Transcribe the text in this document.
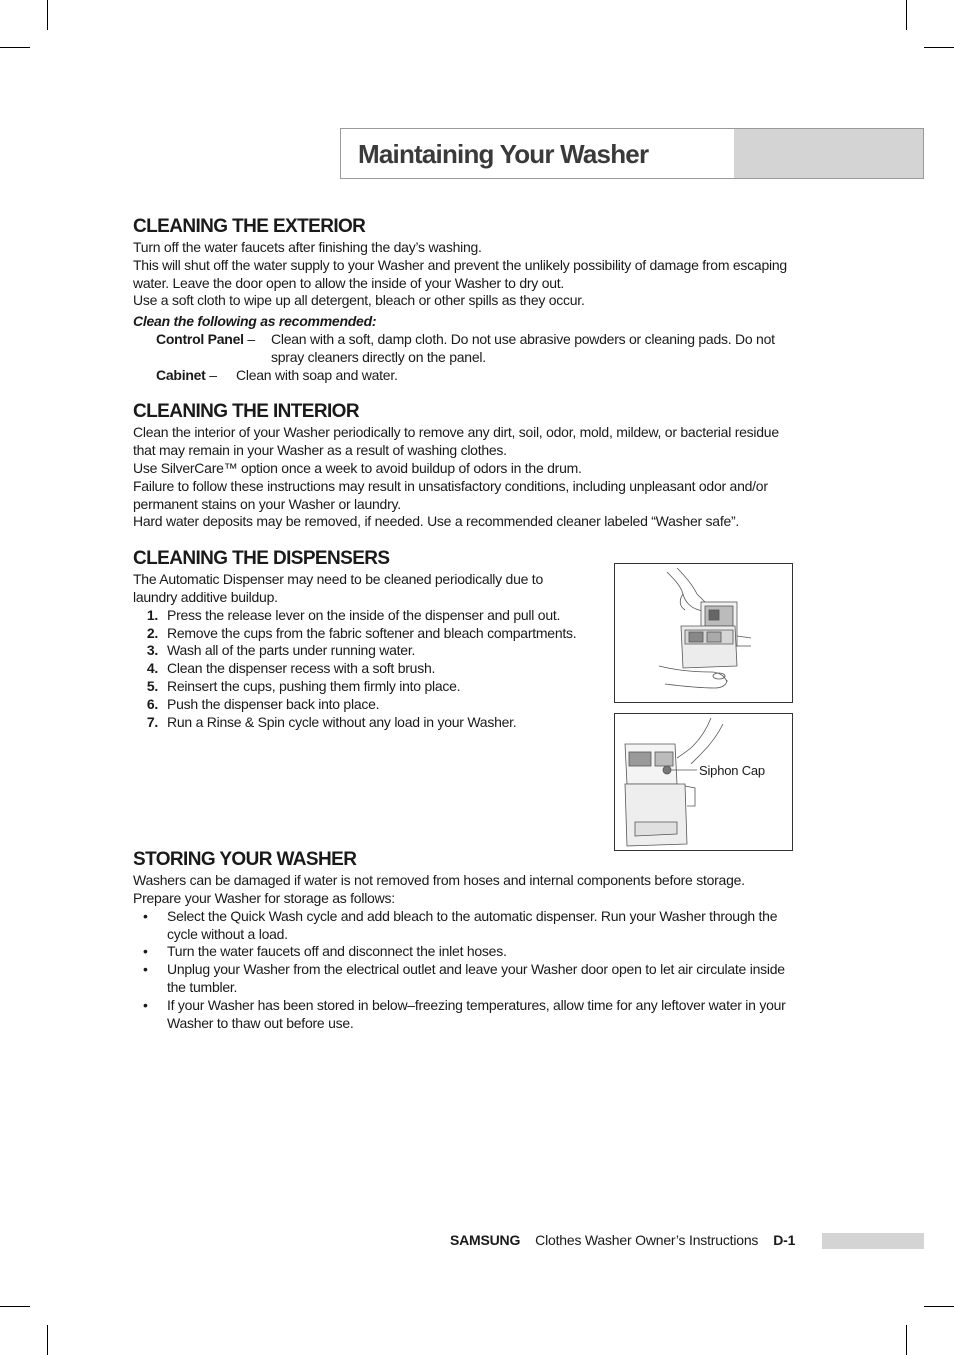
Maintaining Your Washer
CLEANING THE EXTERIOR

Turn off the water faucets after finishing the day’s washing.

This will shut off the water supply to your Washer and prevent the unlikely possibility of damage from escaping water. Leave the door open to allow the inside of your Washer to dry out.

Use a soft cloth to wipe up all detergent, bleach or other spills as they occur.

Clean the following as recommended:

Control Panel –	Clean with a soft, damp cloth. Do not use abrasive powders or cleaning pads. Do not spray cleaners directly on the panel.
Cabinet –	Clean with soap and water.
CLEANING THE INTERIOR

Clean the interior of your Washer periodically to remove any dirt, soil, odor, mold, mildew, or bacterial residue that may remain in your Washer as a result of washing clothes.

Use SilverCare™ option once a week to avoid buildup of odors in the drum.

Failure to follow these instructions may result in unsatisfactory conditions, including unpleasant odor and/or permanent stains on your Washer or laundry.

Hard water deposits may be removed, if needed. Use a recommended cleaner labeled “Washer safe”.

CLEANING THE DISPENSERS

The Automatic Dispenser may need to be cleaned periodically due to laundry additive buildup.

1. Press the release lever on the inside of the dispenser and pull out.
2. Remove the cups from the fabric softener and bleach compartments.
3. Wash all of the parts under running water.
4. Clean the dispenser recess with a soft brush.
5. Reinsert the cups, pushing them firmly into place.
6. Push the dispenser back into place.
7. Run a Rinse & Spin cycle without any load in your Washer.
STORING YOUR WASHER

Washers can be damaged if water is not removed from hoses and internal components before storage.

Prepare your Washer for storage as follows:

•	Select the Quick Wash cycle and add bleach to the automatic dispenser. Run your Washer through the cycle without a load.
•	Turn the water faucets off and disconnect the inlet hoses.
•	Unplug your Washer from the electrical outlet and leave your Washer door open to let air circulate inside the tumbler.
•	If your Washer has been stored in below–freezing temperatures, allow time for any leftover water in your Washer to thaw out before use.
Siphon Cap
SAMSUNG Clothes Washer Owner’s Instructions D-1
